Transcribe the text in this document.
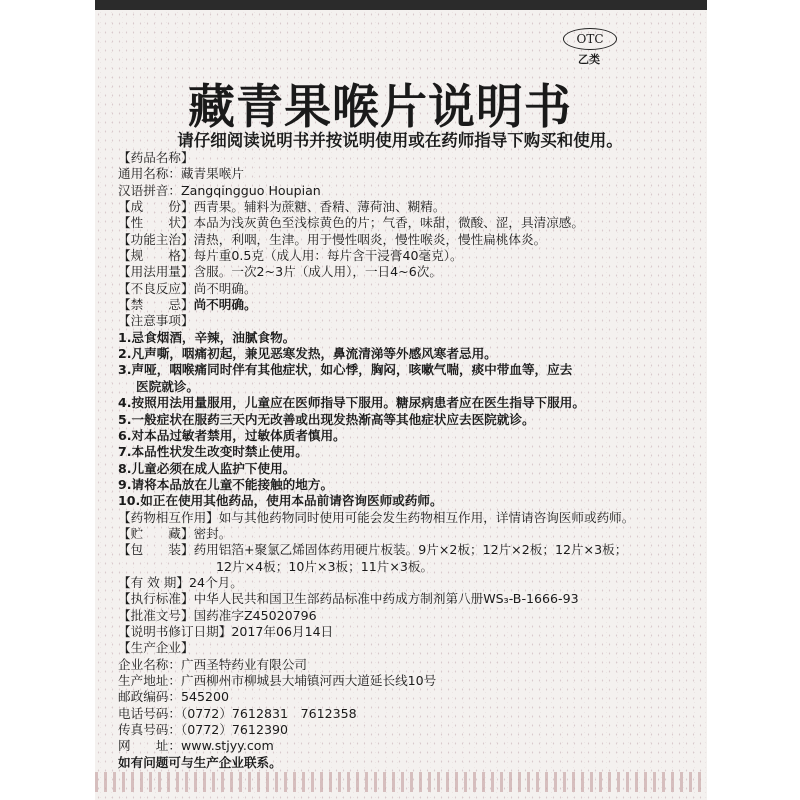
OTC
乙类
藏青果喉片说明书
请仔细阅读说明书并按说明使用或在药师指导下购买和使用。
【药品名称】
通用名称：藏青果喉片
汉语拼音：Zangqingguo Houpian
【成　　份】西青果。辅料为蔗糖、香精、薄荷油、糊精。
【性　　状】本品为浅灰黄色至浅棕黄色的片；气香，味甜，微酸、涩，具清凉感。
【功能主治】清热，利咽，生津。用于慢性咽炎，慢性喉炎，慢性扁桃体炎。
【规　　格】每片重0.5克（成人用：每片含干浸膏40毫克）。
【用法用量】含服。一次2~3片（成人用），一日4~6次。
【不良反应】尚不明确。
【禁　　忌】尚不明确。
【注意事项】
1.忌食烟酒，辛辣，油腻食物。
2.凡声嘶，咽痛初起，兼见恶寒发热，鼻流清涕等外感风寒者忌用。
3.声哑，咽喉痛同时伴有其他症状，如心悸，胸闷，咳嗽气喘，痰中带血等，应去
医院就诊。
4.按照用法用量服用，儿童应在医师指导下服用。糖尿病患者应在医生指导下服用。
5.一般症状在服药三天内无改善或出现发热渐高等其他症状应去医院就诊。
6.对本品过敏者禁用，过敏体质者慎用。
7.本品性状发生改变时禁止使用。
8.儿童必须在成人监护下使用。
9.请将本品放在儿童不能接触的地方。
10.如正在使用其他药品，使用本品前请咨询医师或药师。
【药物相互作用】如与其他药物同时使用可能会发生药物相互作用，详情请咨询医师或药师。
【贮　　藏】密封。
【包　　装】药用铝箔+聚氯乙烯固体药用硬片板装。9片×2板；12片×2板；12片×3板；
12片×4板；10片×3板；11片×3板。
【有 效 期】24个月。
【执行标准】中华人民共和国卫生部药品标准中药成方制剂第八册WS₃-B-1666-93
【批准文号】国药准字Z45020796
【说明书修订日期】2017年06月14日
【生产企业】
企业名称：广西圣特药业有限公司
生产地址：广西柳州市柳城县大埔镇河西大道延长线10号
邮政编码：545200
电话号码：（0772）7612831　7612358
传真号码：（0772）7612390
网　　址：www.stjyy.com
如有问题可与生产企业联系。
